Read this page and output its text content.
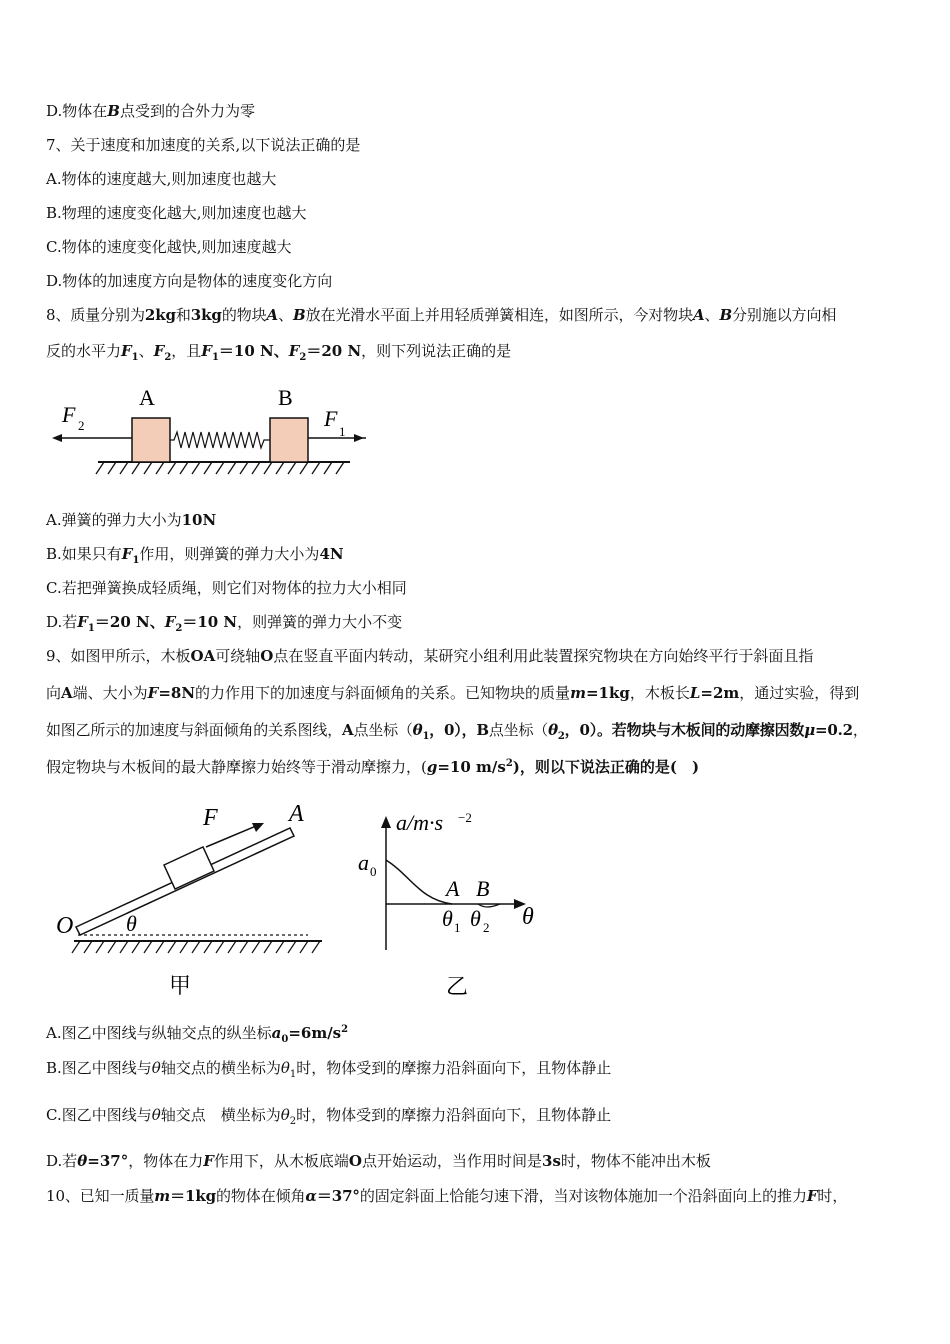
D.物体在B点受到的合外力为零
7、关于速度和加速度的关系,以下说法正确的是
A.物体的速度越大,则加速度也越大
B.物理的速度变化越大,则加速度也越大
C.物体的速度变化越快,则加速度越大
D.物体的加速度方向是物体的速度变化方向
8、质量分别为2kg和3kg的物块A、B放在光滑水平面上并用轻质弹簧相连，如图所示，今对物块A、B分别施以方向相
反的水平力$F_1$、$F_2$，且$F_1=10$ N、$F_2=20$ N，则下列说法正确的是
A	B
F 2	F
1
A.弹簧的弹力大小为10N
B.如果只有$F_1$作用，则弹簧的弹力大小为4N
C.若把弹簧换成轻质绳，则它们对物体的拉力大小相同
D.若$F_1=20$ N、$F_2=10$ N，则弹簧的弹力大小不变
9、如图甲所示，木板OA可绕轴O点在竖直平面内转动，某研究小组利用此装置探究物块在方向始终平行于斜面且指
向A端、大小为F=8N的力作用下的加速度与斜面倾角的关系。已知物块的质量m=1kg，木板长L=2m，通过实验，得到
如图乙所示的加速度与斜面倾角的关系图线，A点坐标（$\theta_1$，0），B点坐标（$\theta_2$，0）。若物块与木板间的动摩擦因数μ=0.2，
假定物块与木板间的最大静摩擦力始终等于滑动摩擦力，(g=10 $m/s^2$)，则以下说法正确的是(　)
F	A
O θ
甲
a/m·s −2
a 0
A B
θ 1 θ 2 θ
乙
A.图乙中图线与纵轴交点的纵坐标$a_0=6m/s^2$
B.图乙中图线与θ轴交点的横坐标为$\theta_1$时，物体受到的摩擦力沿斜面向下，且物体静止
C.图乙中图线与θ轴交点　横坐标为$\theta_2$时，物体受到的摩擦力沿斜面向下，且物体静止
D.若θ=37°，物体在力F作用下，从木板底端O点开始运动，当作用时间是3s时，物体不能冲出木板
10、已知一质量m＝1kg的物体在倾角α＝37°的固定斜面上恰能匀速下滑，当对该物体施加一个沿斜面向上的推力F时，
